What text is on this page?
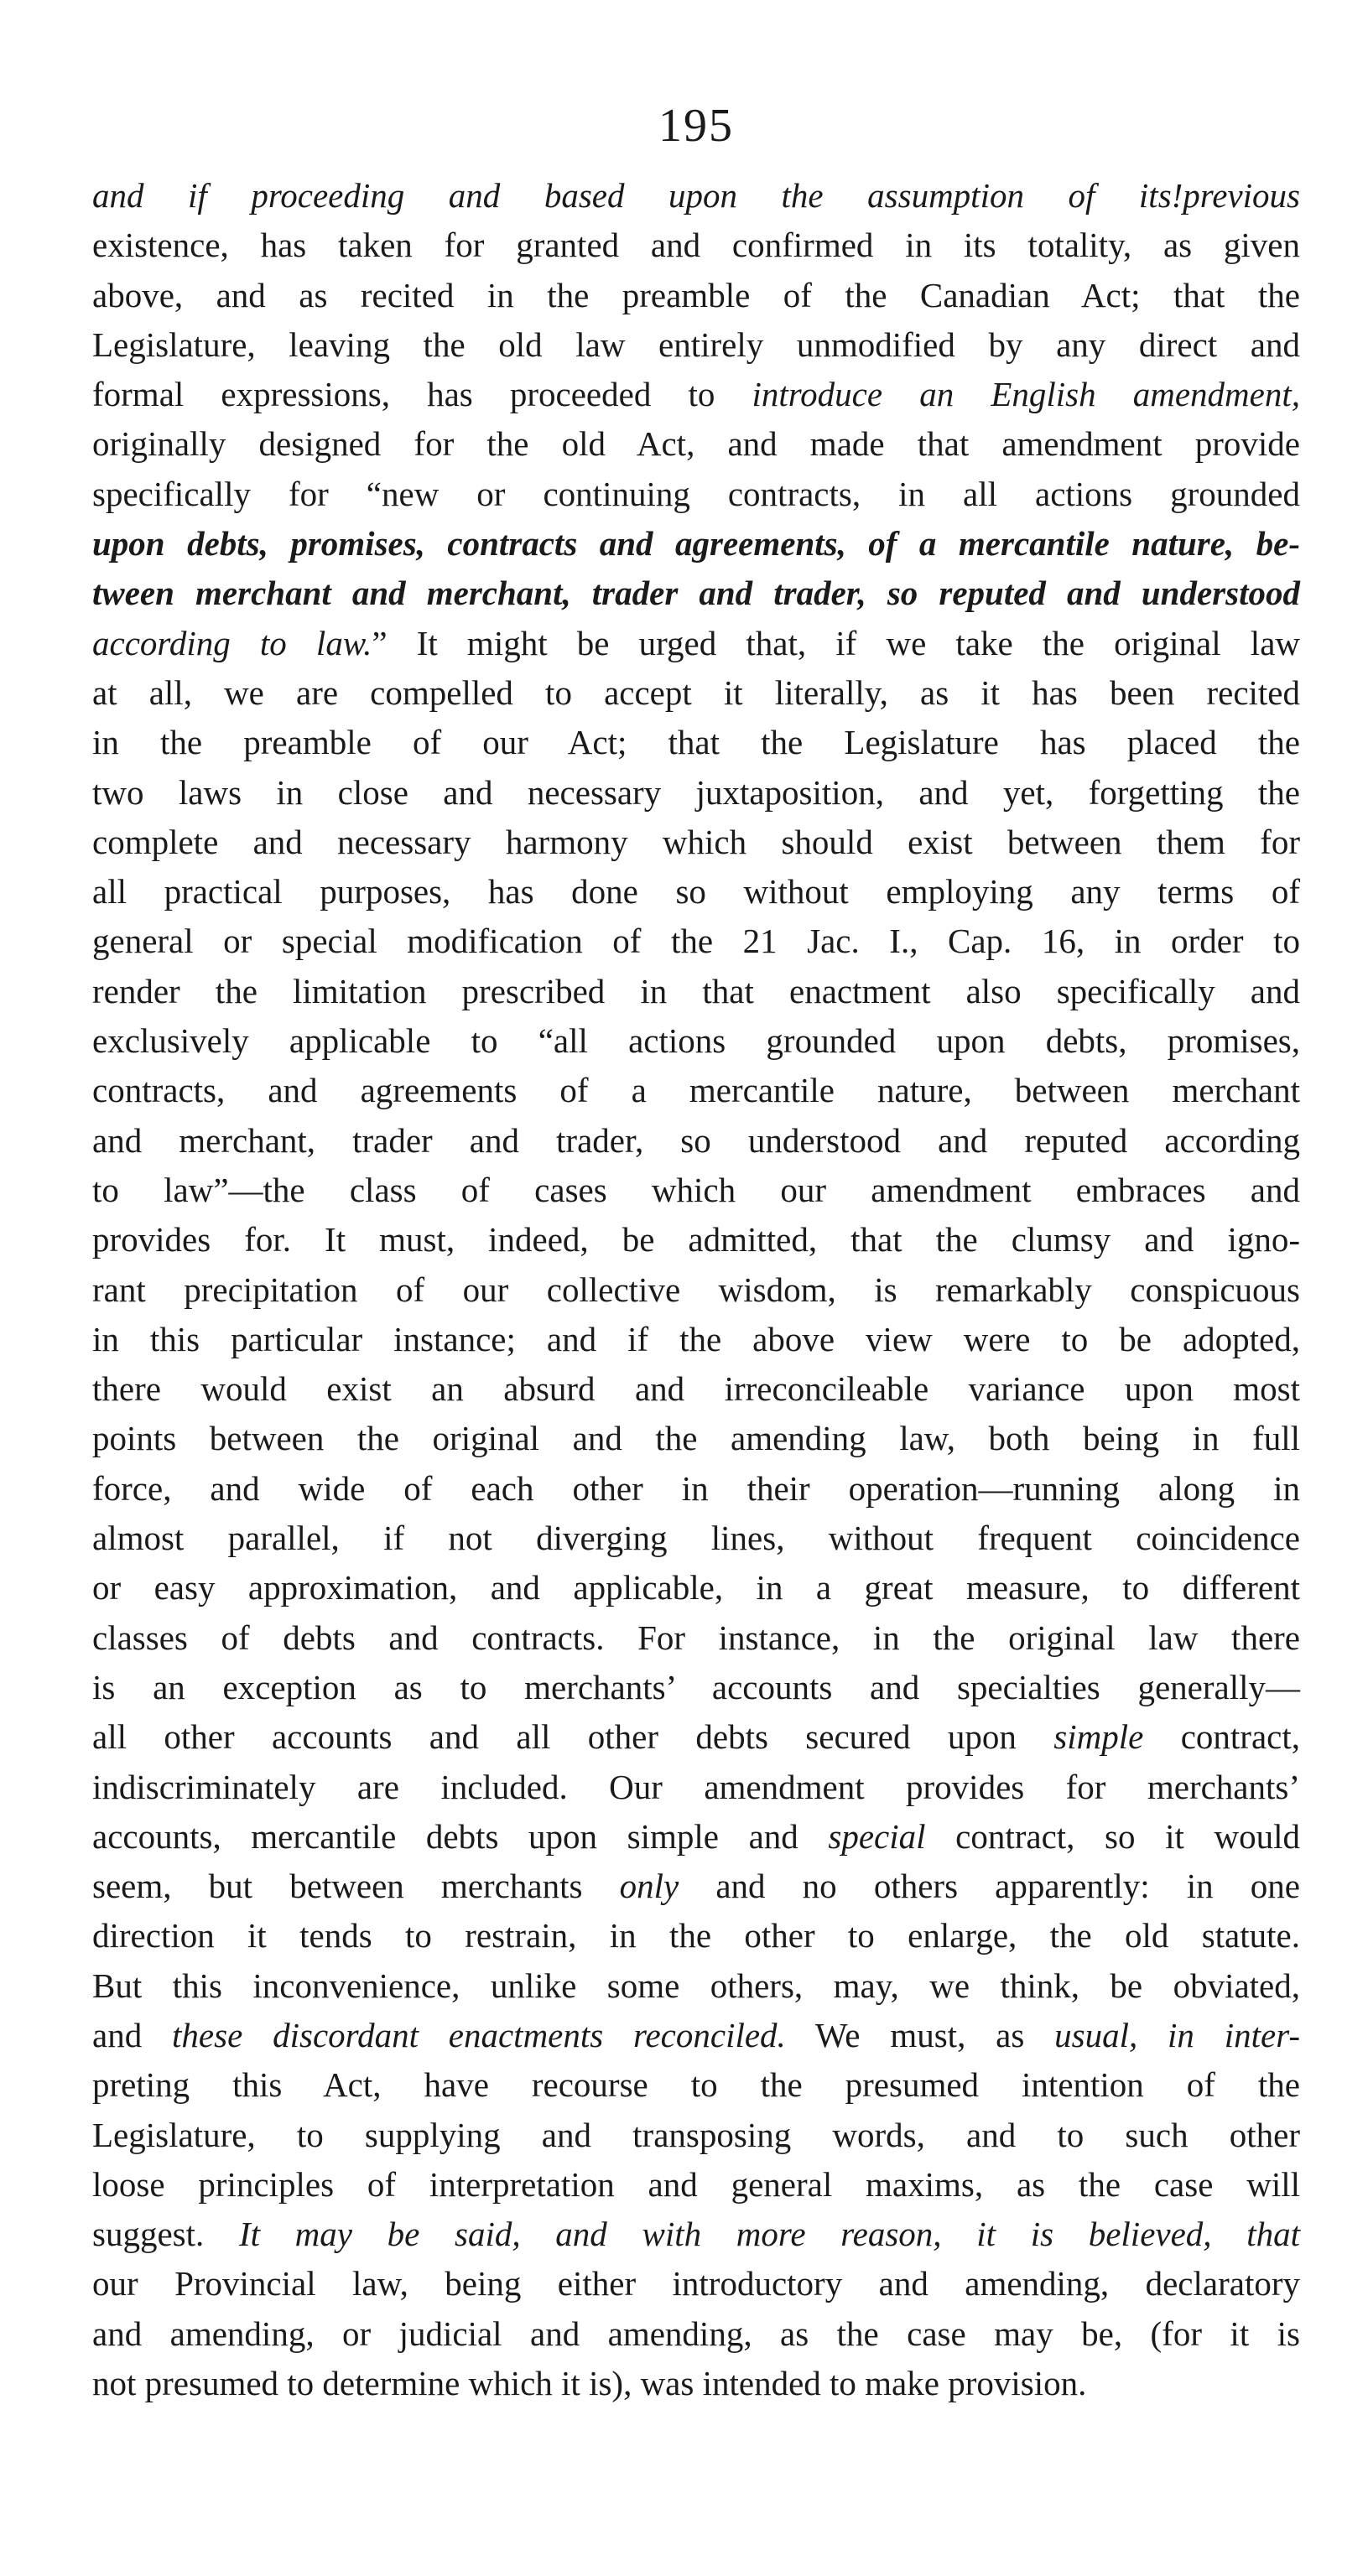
195
and if proceeding and based upon the assumption of its!previous
existence, has taken for granted and confirmed in its totality, as given
above, and as recited in the preamble of the Canadian Act; that the
Legislature, leaving the old law entirely unmodified by any direct and
formal expressions, has proceeded to introduce an English amendment,
originally designed for the old Act, and made that amendment provide
specifically for “new or continuing contracts, in all actions grounded
upon debts, promises, contracts and agreements, of a mercantile nature, be-
tween merchant and merchant, trader and trader, so reputed and understood
according to law.” It might be urged that, if we take the original law
at all, we are compelled to accept it literally, as it has been recited
in the preamble of our Act; that the Legislature has placed the
two laws in close and necessary juxtaposition, and yet, forgetting the
complete and necessary harmony which should exist between them for
all practical purposes, has done so without employing any terms of
general or special modification of the 21 Jac. I., Cap. 16, in order to
render the limitation prescribed in that enactment also specifically and
exclusively applicable to “all actions grounded upon debts, promises,
contracts, and agreements of a mercantile nature, between merchant
and merchant, trader and trader, so understood and reputed according
to law”—the class of cases which our amendment embraces and
provides for. It must, indeed, be admitted, that the clumsy and igno-
rant precipitation of our collective wisdom, is remarkably conspicuous
in this particular instance; and if the above view were to be adopted,
there would exist an absurd and irreconcileable variance upon most
points between the original and the amending law, both being in full
force, and wide of each other in their operation—running along in
almost parallel, if not diverging lines, without frequent coincidence
or easy approximation, and applicable, in a great measure, to different
classes of debts and contracts. For instance, in the original law there
is an exception as to merchants’ accounts and specialties generally—
all other accounts and all other debts secured upon simple contract,
indiscriminately are included. Our amendment provides for merchants’
accounts, mercantile debts upon simple and special contract, so it would
seem, but between merchants only and no others apparently: in one
direction it tends to restrain, in the other to enlarge, the old statute.
But this inconvenience, unlike some others, may, we think, be obviated,
and these discordant enactments reconciled. We must, as usual, in inter-
preting this Act, have recourse to the presumed intention of the
Legislature, to supplying and transposing words, and to such other
loose principles of interpretation and general maxims, as the case will
suggest. It may be said, and with more reason, it is believed, that
our Provincial law, being either introductory and amending, declaratory
and amending, or judicial and amending, as the case may be, (for it is
not presumed to determine which it is), was intended to make provision.
